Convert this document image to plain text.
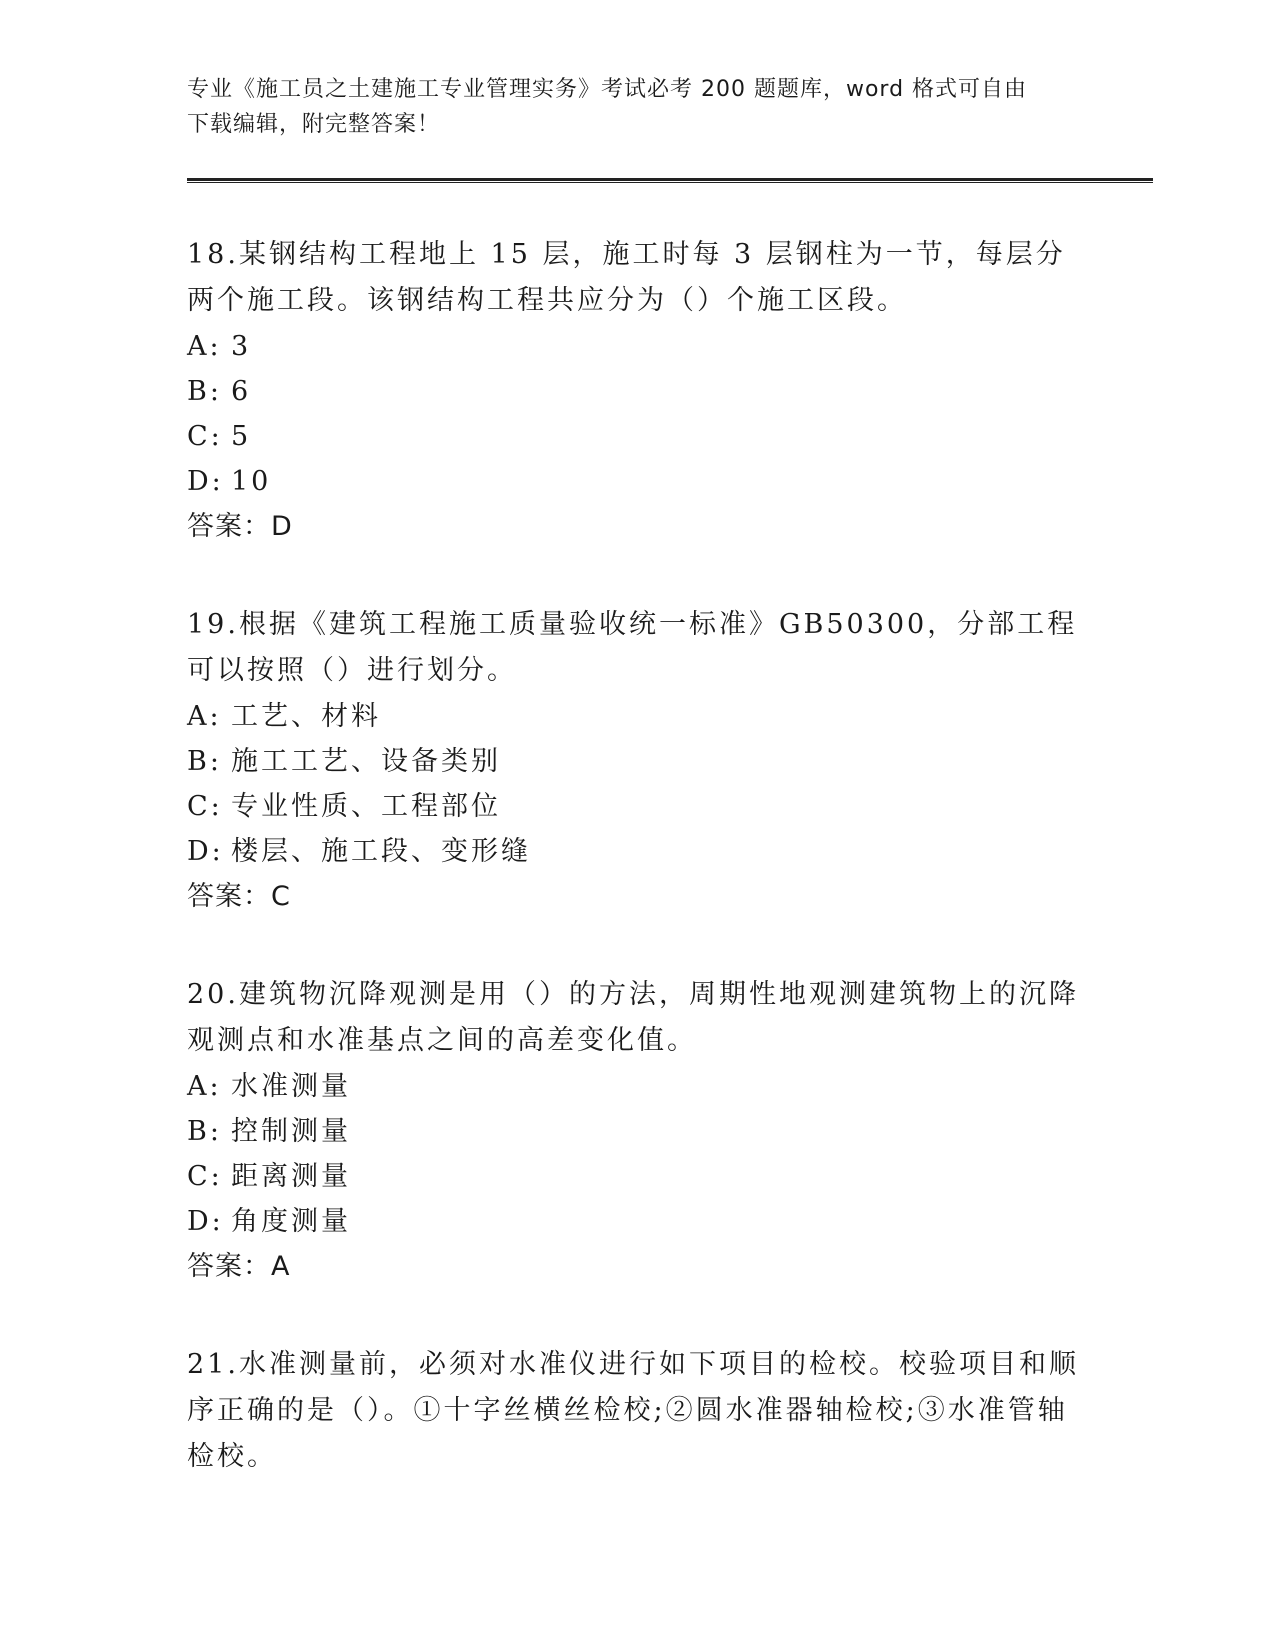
专业《施工员之土建施工专业管理实务》考试必考 200 题题库，word 格式可自由
下载编辑，附完整答案！

18.某钢结构工程地上 15 层，施工时每 3 层钢柱为一节，每层分两个施工段。该钢结构工程共应分为（）个施工区段。

A: 3

B: 6

C: 5

D: 10

答案：D

19.根据《建筑工程施工质量验收统一标准》GB50300，分部工程可以按照（）进行划分。

A: 工艺、材料

B: 施工工艺、设备类别

C: 专业性质、工程部位

D: 楼层、施工段、变形缝

答案：C

20.建筑物沉降观测是用（）的方法，周期性地观测建筑物上的沉降观测点和水准基点之间的高差变化值。

A: 水准测量

B: 控制测量

C: 距离测量

D: 角度测量

答案：A

21.水准测量前，必须对水准仪进行如下项目的检校。校验项目和顺序正确的是（）。①十字丝横丝检校;②圆水准器轴检校;③水准管轴检校。
